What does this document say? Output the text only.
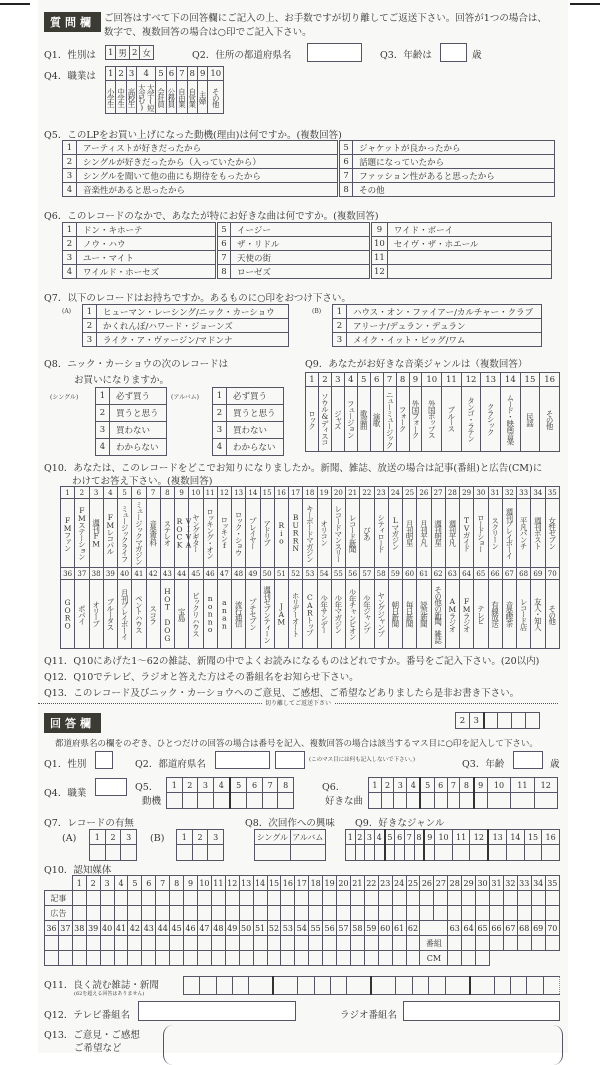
質問欄 ご回答はすべて下の回答欄にご記入の上、お手数ですが切り離してご返送下さい。回答が1つの場合は、数字で、複数回答の場合は○印でご記入下さい。
Q1．性別は 1	男	2	女	Q2．住所の都道府県名	Q3．年齢は	歳
Q4．職業は 1	2	3	4	5	6	7	8	9	10

小学生	中学生	高校生	大学(短大含む)	会社員	公務員	自由業	自営業	主婦	その他
Q5．このLPをお買い上げになった動機(理由)は何ですか。(複数回答)
1	アーティストが好きだったから	5	ジャケットが良かったから
2	シングルが好きだったから（入っていたから）	6	話題になっていたから
3	シングルを聞いて他の曲にも期待をもったから	7	ファッション性があると思ったから
4	音楽性があると思ったから	8	その他
Q6．このレコードのなかで、あなたが特にお好きな曲は何ですか。(複数回答)
1	ドン・キホーテ	5	イージー	9	ワイド・ボーイ
2	ノウ・ハウ	6	ザ・リドル	10	セイヴ・ザ・ホエール
3	ユー・マイト	7	天使の街	11	
4	ワイルド・ホーセズ	8	ローゼズ	12	
Q7．以下のレコードはお持ちですか。あるものに○印をおつけ下さい。
(A) 1	ヒューマン・レーシング/ニック・カーショウ
2	かくれんぼ/ハワード・ジョーンズ
3	ライク・ア・ヴァージン/マドンナ
(B) 1	ハウス・オン・ファイアー/カルチャー・クラブ
2	アリーナ/デュラン・デュラン
3	メイク・イット・ビッグ/ワム
Q8．ニック・カーショウの次のレコードは
お買いになりますか。
(シングル)	1	必ず買う
2	買うと思う
3	買わない
4	わからない
(アルバム) 1	必ず買う
2	買うと思う
3	買わない
4	わからない
Q9．あなたがお好きな音楽ジャンルは（複数回答）
1	2	3	4	5	6	7	8	9	10	11	12	13	14	15	16

ロック	ソウル&ディスコ	ジャズ	フュージョン	歌謡曲	演歌	ニューミュージック	フォーク	外国フォーク	外国ポップス	ブルース	タンゴ・ラテン	クラシック	ムード・映画音楽	民謡	その他
Q10．あなたは、このレコードをどこでお知りになりましたか。新聞、雑誌、放送の場合は記事(番組)と広告(CM)に
わけてお答え下さい。(複数回答)
1	2	3	4	5	6	7	8	9	10	11	12	13	14	15	16	17	18	19	20	21	22	23	24	25	26	27	28	29	30	31	32	33	34	35

FMファン	FMステーション	週刊FM	FMレコパル	ミュージックライフ	ミュージックマガジン	音楽専科	ステレオ	VIVA ROCK	ヤングギター	ロッキング・オン	ロッキンf	ロック・ショウ	プレイヤー	アドリブ	Rio	BURRN	キーボードマガジン	オリコン	レコードマンスリー	レコード新聞	ぴあ	シティロード	Lマガジン	月刊明星	月刊平凡	週刊明星	週刊平凡	TVガイド	ロードショー	スクリーン	週刊プレイボーイ	平凡パンチ	週刊ポスト	女性セブン

36	37	38	39	40	41	42	43	44	45	46	47	48	49	50	51	52	53	54	55	56	57	58	59	60	61	62	63	64	65	66	67	68	69	70

GORO	ポパイ	オリーブ	ブルータス	月刊プレイボーイ	ペントハウス	スコラ	HOT DOG	宝島	ビックリハウス	nonno	anan	流行通信	プチセブン	週刊セブンティーン	JAM	ホリデーオート	CARトップ	少年サンデー	少年マガジン	少年チャンピオン	少年ジャンプ	ヤングジャンプ	朝日新聞	毎日新聞	読売新聞	その他の新聞、雑誌	AMラジオ	FMラジオ	テレビ	有線放送	音楽喫茶	レコード店	友人・知人	その他
Q11．Q10にあげた1〜62の雑誌、新聞の中でよくお読みになるものはどれですか。番号をご記入下さい。(20以内)
Q12．Q10でテレビ、ラジオと答えた方はその番組名をお知らせ下さい。
Q13．このレコード及びニック・カーショウへのご意見、ご感想、ご希望などありましたら是非お書き下さい。
$^{切り離してご返送下さい}$
回答欄	2	3				
都道府県名の欄をのぞき、ひとつだけの回答の場合は番号を記入、複数回答の場合は該当するマス目に○印を記入して下さい。
Q1．性別	Q2．都道府県名	(このマス目には何も記入しないで下さい。)	Q3．年齢	歳
Q4．職業
Q5．
動機
1	2	3	4	5	6	7	8
								Q6．
好きな曲
1	2	3	4	5	6	7	8	9	10	11	12

Q7．レコードの有無
(A) 1	2	3
		(B) 1	2	3

Q8．次回作への興味
シングル	アルバム

Q9．好きなジャンル
1	2	3	4	5	6	7	8	9	10	11	12	13	14	15	16

Q10．認知媒体
		1	2	3	4	5	6	7	8	9	10	11	12	13	14	15	16	17	18	19	20	21	22	23	24	25	26	27	28	29	30	31	32	33	34	35
記事																																				
広告																																				
36	37	38	39	40	41	42	43	44	45	46	47	48	49	50	51	52	53	54	55	56	57	58	59	60	61	62			63	64	65	66	67	68	69	70
																											番組									
																											CM									
Q11．良く読む雑誌・新聞
(62を超える回答はありません)

Q12．テレビ番組名	ラジオ番組名
Q13．ご意見・ご感想
ご希望など
